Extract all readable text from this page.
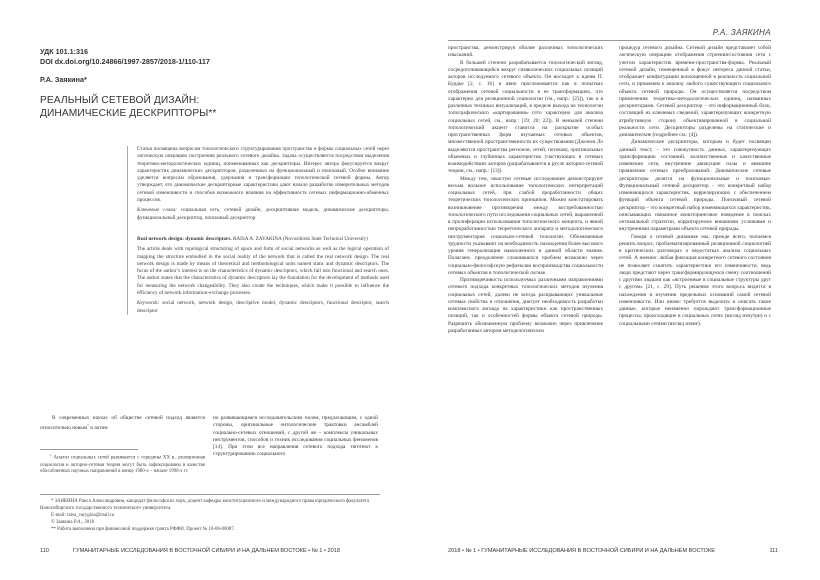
УДК 101.1:316
DOI dx.doi.org/10.24866/1997-2857/2018-1/110-117
Р.А. Заякина*
РЕАЛЬНЫЙ СЕТЕВОЙ ДИЗАЙН:
ДИНАМИЧЕСКИЕ ДЕСКРИПТОРЫ**

Статья посвящена вопросам топологического структурирования пространства и формы социальных сетей через логическую операцию построения реального сетевого дизайна. Задача осуществляется посредством выделения теоретико-методологических единиц, поименованных как дескрипторы. Интерес автора фокусируется вокруг характеристик динамических дескрипторов, разделенных на функциональный и поисковый. Особое внимание уделяется вопросам образования, удержания и трансформации топологической сетевой формы. Автор утверждает, что динамические дескрипторные характеристики дают начало разработке измерительных методов сетевой изменчивости и способов возможного влияния на эффективность сетевых информационно-обменных процессов.

Ключевые слова: социальная сеть, сетевой дизайн, дескриптивная модель, динамические дескрипторы, функциональный дескриптор, поисковый дескриптор

Real network design: dynamic descriptors. RAISA A. ZAYAKINA (Novosibirsk State Technical University)

The article deals with topological structuring of space and form of social networks as well as the logical operation of mapping the structure embodied in the social reality of the network that is called the real network design. The real network design is made by means of theoretical and methodological units named static and dynamic descriptors. The focus of the author’s interest is on the characteristics of dynamic descriptors, which fall into functional and search ones. The author states that the characteristics of dynamic descriptors lay the foundation for the development of methods used for measuring the network changeability. They also create the techniques, which make it possible to influence the efficiency of network information-exchange processes.

Keywords: social network, network design, descriptive model, dynamic descriptors, functional descriptor, search descriptor

В современных науках об обществе сетевой подход является относительно новым$^1$ и актив-

$^1$ Анализ социальных сетей развивается с середины XX в., реляционная социология и акторно-сетевая теория могут быть зафиксированы в качестве обособленных научных направлений в конце 1980-х – начале 1990-х гг.

но развивающимся исследовательским полем, предлагающим, с одной стороны, оригинальные онтологические трактовки ансамблей социально-сетевых отношений, с другой же – комплексы уникальных инструментов, способов и техник исследования социальных феноменов [14]. При этом все направления сетевого подхода тяготеют к структурированию социального

* ЗАЯКИНА Раиса Александровна, кандидат философских наук, доцент кафедры конституционного и международного права юридического факультета Новосибирского государственного технического университета.

E-mail: raisa_varygina@mail.ru

© Заякина Р.А., 2018

** Работа выполнена при финансовой поддержке гранта РФФИ. Проект № 16-06-00087.

110	ГУМАНИТАРНЫЕ ИССЛЕДОВАНИЯ В ВОСТОЧНОЙ СИБИРИ И НА ДАЛЬНЕМ ВОСТОКЕ • № 1 • 2018
Р.А. ЗАЯКИНА

пространства, демонстрируя обилие различных топологических изысканий.

В большей степени разрабатывается топологический взгляд, сосредоточивающийся вокруг символических социальных позиций акторов исследуемого сетевого объекта. Он восходит к идеям П. Бурдье [2, с. 16] и явно прослеживается как в попытках отображения сетевой социальности в ее трансформациях, что характерно для реляционной социологии (см., напр.: [23]), так и в различных техниках визуализаций, в пределе выхода на технологии топографического «картирования» (что характерно для анализа социальных сетей, см., напр.: [19; 20; 22]). В меньшей степени топологический акцент ставится на раскрытие особых пространственных форм изучаемых сетевых объектов, множественной пространственности их существования (Джоном Ло выделяются пространства регионов, сетей, потоков), оригинальных объемных и глубинных характеристик участвующих в сетевых взаимодействиях акторов (разрабатывается в русле акторно-сетевой теории, см., напр.: [13]).

Между тем, зачастую сетевые исследования демонстрируют весьма вольное использование топологических интерпретаций социальных сетей, при слабой проработанности общих теоретических топологических принципов. Можно констатировать возникновение противоречия между востребованностью топологического пути исследования социальных сетей, выраженной в пролиферации использования топологического концепта, и явной непроработанностью теоретического аппарата и методологического инструментария социально-сетевой топологии. Обозначенные трудности указывают на необходимость нахождения более высокого уровня генерализации накопленного в данной области знания. Полагаем, преодоление сложившихся проблем возможно через социально-философскую рефлексию воспроизводства социальности сетевых объектов в топологической логике.

Противоречивость используемых различными направлениями сетевого подхода конкретных топологических методов изучения социальных сетей, далеко не всегда раскрывающих уникальные сетевые свойства и отношения, диктует необходимость разработки комплексного взгляда на характеристики как пространственных позиций, так и особенностей формы объекта сетевой природы. Разрешить обозначенную проблему возможно через привлечение разработанных автором методологических

процедур сетевого дизайна. Сетевой дизайн представляет собой логическую операцию отображения строения/состояния сети с учетом характеристик времени-пространства-формы. Реальный сетевой дизайн, помещенный в фокус интереса данной статьи, отображает конфигурации воплощенной в реальность социальной сети, и применим к анализу любого существующего социального объекта сетевой природы. Он осуществляется посредством привлечения теоретико-методологических единиц, названных дескрипторами. Сетевой дескриптор – это информационный блок, состоящий из ключевых сведений, характеризующих конкретную атрибутивную сторону объективированной в социальной реальности сети. Дескрипторы разделены на статические и динамические (подробнее см.: [4]).

Динамические дескрипторы, которым и будет посвящен данный текст, – это совокупность данных, характеризующих трансформацию состояний, количественные и качественные изменения сети, внутренние движущие силы и внешние проявления сетевых преобразований. Динамические сетевые дескрипторы делятся на функциональные и поисковые. Функциональный сетевой дескриптор – это конкретный набор изменяющихся характеристик, коррелирующих с обеспечением функций объекта сетевой природы. Поисковый сетевой дескриптор – это конкретный набор изменяющихся характеристик, описывающих связанное мониторинговое поведение в поисках оптимальной стратегии, корригируемое внешними условиями и внутренними параметрами объекта сетевой природы.

Говоря о сетевой динамике мы, прежде всего, пытаемся решить вопрос, проблематизированный реляционной социологией в критических разговорах о недостатках анализа социальных сетей. А именно: любая фиксация конкретного сетевого состояния не позволяет схватить характеристики его изменчивости, ведь люди предстают через трансформирующуюся смену соотношений с другими людьми как «встроенные в социальные структуры друг с другом» [21, с. 29]. Путь решения этого вопроса видится в нахождении и изучении предельных оснований самой сетевой изменчивости. Или иначе: требуется выделить и описать такие данные, которые неизменно порождают трансформационные процессы, происходящие в социальных сетях (взгляд изнутри) и с социальными сетями (взгляд извне).

2018 • № 1 • ГУМАНИТАРНЫЕ ИССЛЕДОВАНИЯ В ВОСТОЧНОЙ СИБИРИ И НА ДАЛЬНЕМ ВОСТОКЕ	111
